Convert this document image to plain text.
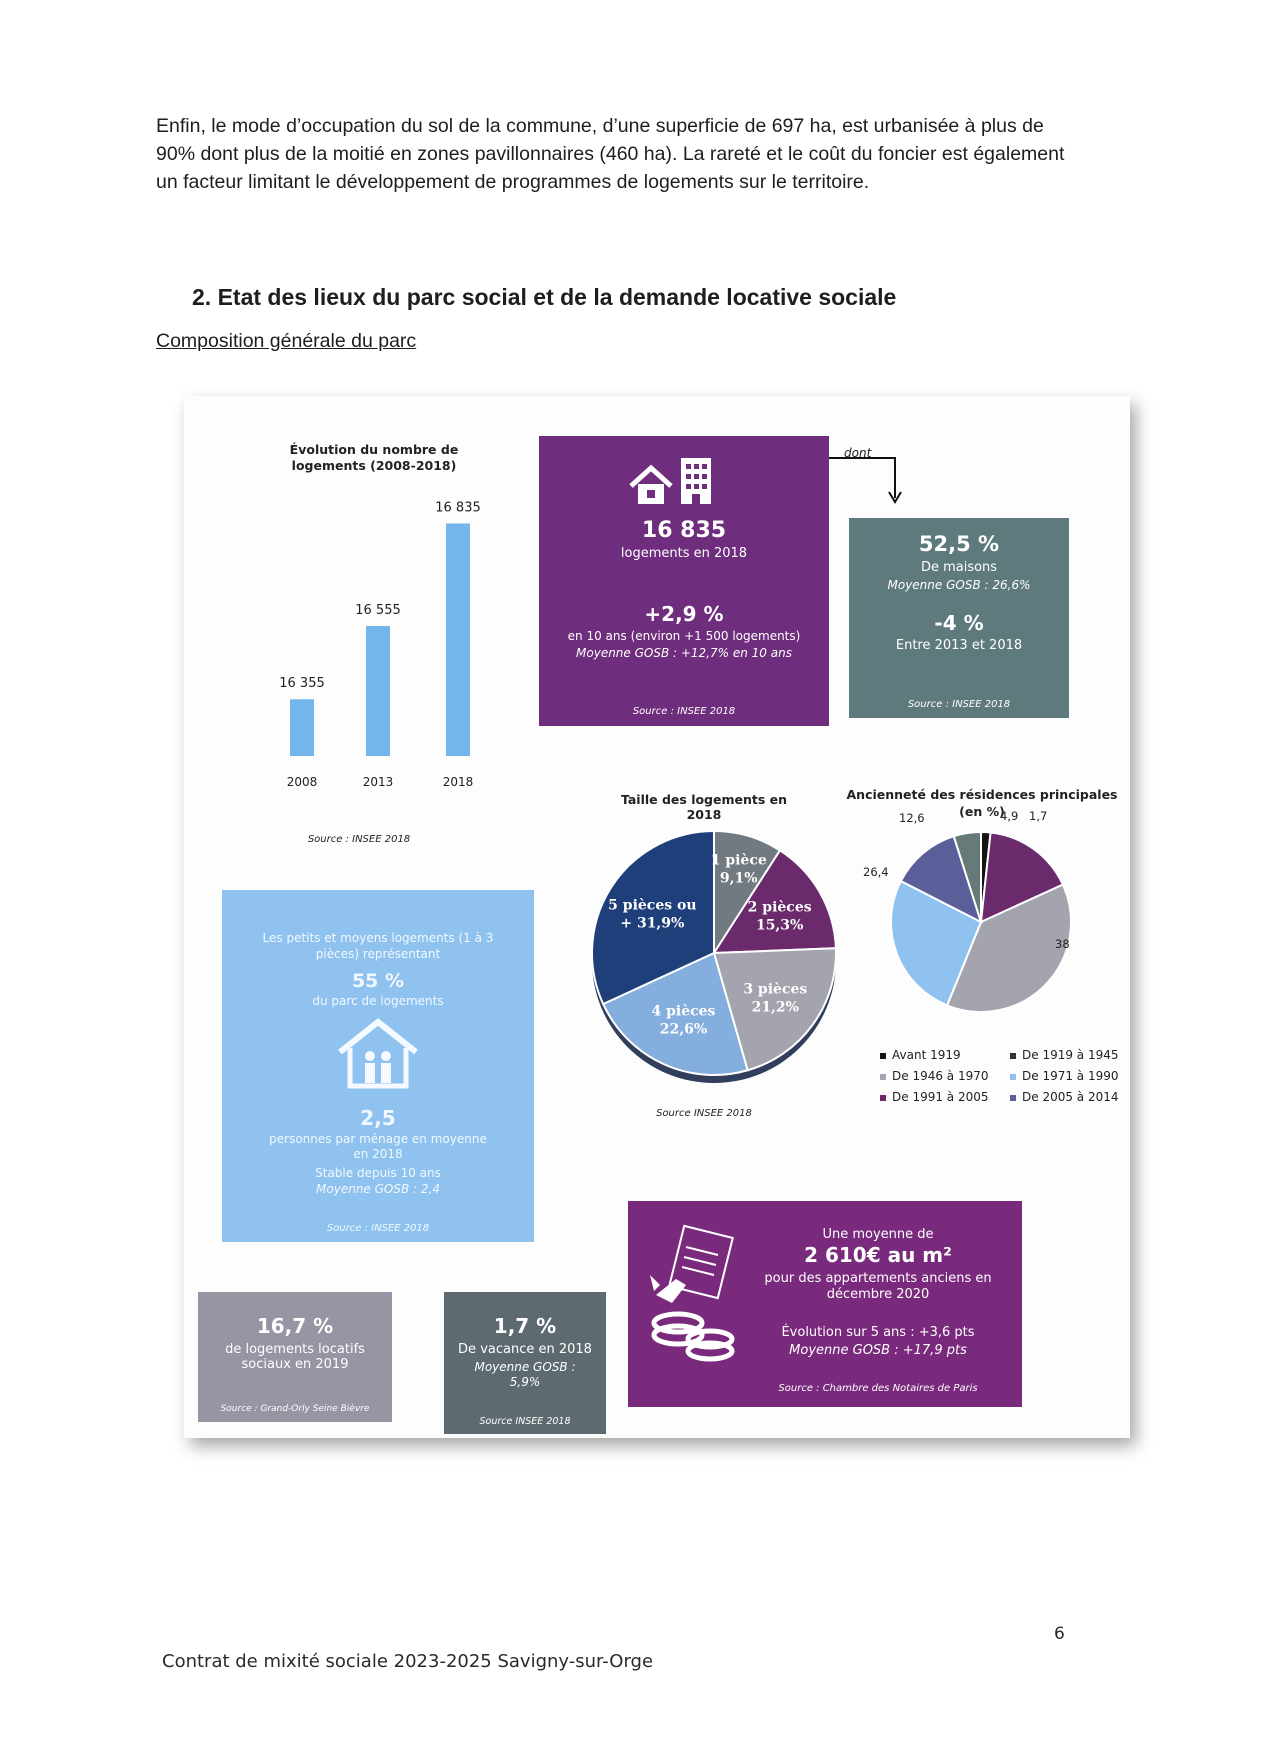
Enfin, le mode d’occupation du sol de la commune, d’une superficie de 697 ha, est urbanisée à plus de 90% dont plus de la moitié en zones pavillonnaires (460 ha). La rareté et le coût du foncier est également un facteur limitant le développement de programmes de logements sur le territoire.

2. Etat des lieux du parc social et de la demande locative sociale
Composition générale du parc
Évolution du nombre de logements (2008-2018)
16 355
2008
16 555
2013
16 835
2018
Source : INSEE 2018
16 835
logements en 2018
+2,9 %
en 10 ans (environ +1 500 logements)
Moyenne GOSB : +12,7% en 10 ans
Source : INSEE 2018
dont
52,5 %
De maisons
Moyenne GOSB : 26,6%
-4 %
Entre 2013 et 2018
Source : INSEE 2018
Les petits et moyens logements (1 à 3 pièces) représentant
55 %
du parc de logements
2,5
personnes par ménage en moyenne en 2018
Stable depuis 10 ans
Moyenne GOSB : 2,4
Source : INSEE 2018
Taille des logements en 2018
1 pièce
9,1%
2 pièces
15,3%
3 pièces
21,2%
4 pièces
22,6%
5 pièces ou
+ 31,9%
Source INSEE 2018
Ancienneté des résidences principales (en %)	1,7
4,9
12,6
26,4
38
Avant 1919	De 1919 à 1945
De 1946 à 1970	De 1971 à 1990
De 1991 à 2005	De 2005 à 2014
Une moyenne de
2 610€ au m²
pour des appartements anciens en décembre 2020
Évolution sur 5 ans : +3,6 pts
Moyenne GOSB : +17,9 pts
Source : Chambre des Notaires de Paris
16,7 %
de logements locatifs sociaux en 2019
Source : Grand-Orly Seine Bièvre
1,7 %
De vacance en 2018
Moyenne GOSB : 5,9%
Source INSEE 2018
6
Contrat de mixité sociale 2023-2025 Savigny-sur-Orge
